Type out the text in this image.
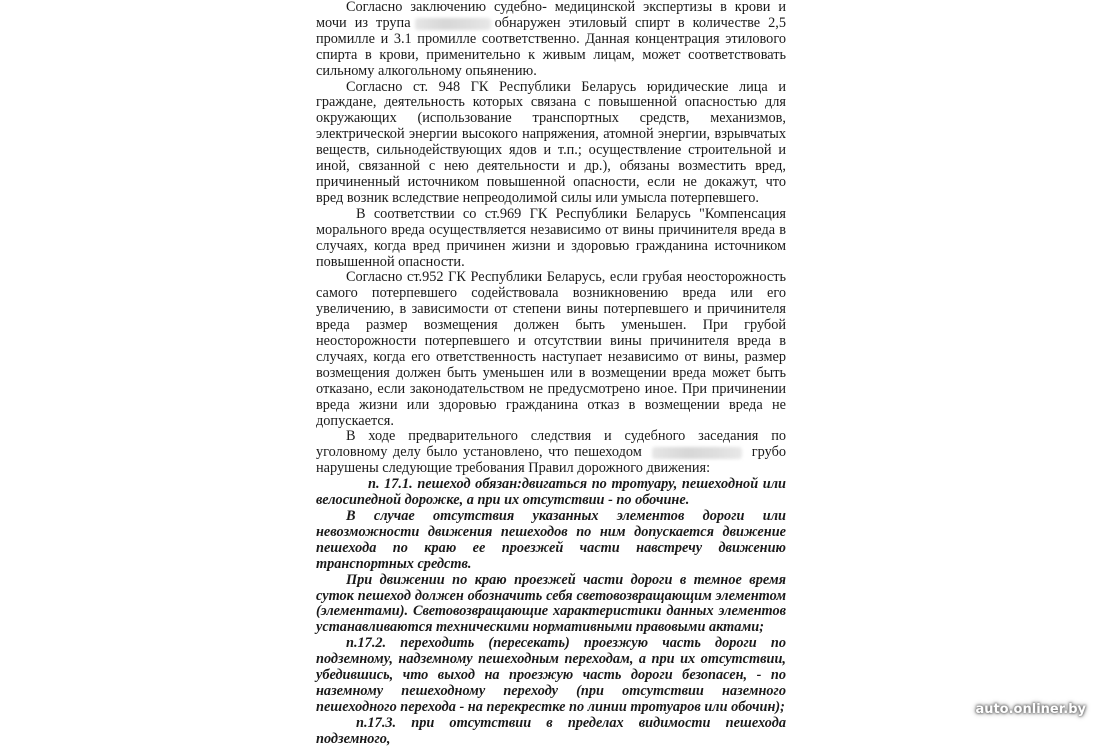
Согласно заключению судебно- медицинской экспертизы в крови и мочи из трупа	обнаружен этиловый спирт в количестве 2,5 промилле и 3.1 промилле соответственно. Данная концентрация этилового спирта в крови, применительно к живым лицам, может соответствовать сильному алкогольному опьянению.

Согласно ст. 948 ГК Республики Беларусь юридические лица и граждане, деятельность которых связана с повышенной опасностью для окружающих (использование транспортных средств, механизмов, электрической энергии высокого напряжения, атомной энергии, взрывчатых веществ, сильнодействующих ядов и т.п.; осуществление строительной и иной, связанной с нею деятельности и др.), обязаны возместить вред, причиненный источником повышенной опасности, если не докажут, что вред возник вследствие непреодолимой силы или умысла потерпевшего.

В соответствии со ст.969 ГК Республики Беларусь "Компенсация морального вреда осуществляется независимо от вины причинителя вреда в случаях, когда вред причинен жизни и здоровью гражданина источником повышенной опасности.

Согласно ст.952 ГК Республики Беларусь, если грубая неосторожность самого потерпевшего содействовала возникновению вреда или его увеличению, в зависимости от степени вины потерпевшего и причинителя вреда размер возмещения должен быть уменьшен. При грубой неосторожности потерпевшего и отсутствии вины причинителя вреда в случаях, когда его ответственность наступает независимо от вины, размер возмещения должен быть уменьшен или в возмещении вреда может быть отказано, если законодательством не предусмотрено иное. При причинении вреда жизни или здоровью гражданина отказ в возмещении вреда не допускается.

В ходе предварительного следствия и судебного заседания по уголовному делу было установлено, что пешеходом	грубо нарушены следующие требования Правил дорожного движения:

п. 17.1. пешеход обязан:двигаться по тротуару, пешеходной или велосипедной дорожке, а при их отсутствии - по обочине.

В случае отсутствия указанных элементов дороги или невозможности движения пешеходов по ним допускается движение пешехода по краю ее проезжей части навстречу движению транспортных средств.

При движении по краю проезжей части дороги в темное время суток пешеход должен обозначить себя световозвращающим элементом (элементами). Световозвращающие характеристики данных элементов устанавливаются техническими нормативными правовыми актами;

п.17.2. переходить (пересекать) проезжую часть дороги по подземному, надземному пешеходным переходам, а при их отсутствии, убедившись, что выход на проезжую часть дороги безопасен, - по наземному пешеходному переходу (при отсутствии наземного пешеходного перехода - на перекрестке по линии тротуаров или обочин);

п.17.3. при отсутствии в пределах видимости пешехода подземного,

auto.onliner.by
